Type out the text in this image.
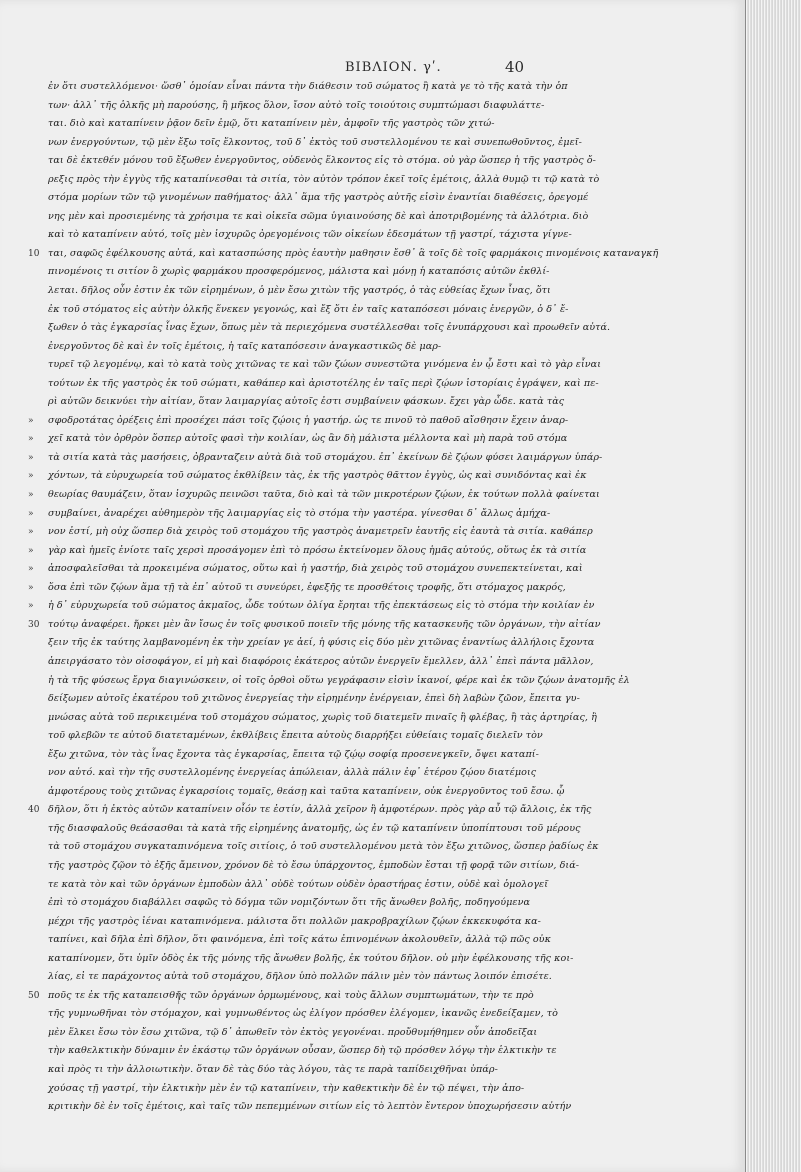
ΒΙΒΛΙΟΝ. γʹ.	40
ἐν ὅτι συστελλόμενοι· ὥσθ᾽ ὁμοίαν εἶναι πάντα τὴν διάθεσιν τοῦ σώματος ἢ κατὰ γε τὸ τῆς κατὰ τὴν ὁπ
των· ἀλλ᾽ τῆς ὁλκῆς μὴ παρούσης, ἢ μῆκος ὅλον, ἴσον αὐτὸ τοῖς τοιούτοις συμπτώμασι διαφυλάττε-
ται. διὸ καὶ καταπίνειν ῥᾷον δεῖν ἐμῷ, ὅτι καταπίνειν μὲν, ἀμφοῖν τῆς γαστρὸς τῶν χιτώ-
νων ἐνεργούντων, τῷ μὲν ἔξω τοῖς ἕλκοντος, τοῦ δ᾽ ἐκτὸς τοῦ συστελλομένου τε καὶ συνεπωθοῦντος, ἐμεῖ-
ται δὲ ἐκτεθέν μόνου τοῦ ἔξωθεν ἐνεργοῦντος, οὐδενὸς ἕλκοντος εἰς τὸ στόμα. οὐ γὰρ ὥσπερ ἡ τῆς γαστρὸς ὄ-
ρεξις πρὸς τὴν ἐγγὺς τῆς καταπίνεσθαι τὰ σιτία, τὸν αὐτὸν τρόπον ἐκεῖ τοῖς ἐμέτοις, ἀλλὰ θυμῷ τι τῷ κατὰ τὸ
στόμα μορίων τῶν τῷ γινομένων παθήματος· ἀλλ᾽ ἅμα τῆς γαστρὸς αὐτῆς εἰσὶν ἐναντίαι διαθέσεις, ὀρεγομέ
νης μὲν καὶ προσιεμένης τὰ χρήσιμα τε καὶ οἰκεῖα σῶμα ὑγιαινούσης δὲ καὶ ἀποτριβομένης τὰ ἀλλότρια. διὸ
καὶ τὸ καταπίνειν αὐτό, τοῖς μὲν ἰσχυρῶς ὀρεγομένοις τῶν οἰκείων ἐδεσμάτων τῇ γαστρί, τάχιστα γίγνε-
10 ται, σαφῶς ἐφέλκουσης αὐτά, καὶ κατασπώσης πρὸς ἑαυτὴν μαθησιν ἔσθ᾽ ἃ τοῖς δὲ τοῖς φαρμάκοις πινομένοις καταναγκῆ
πινομένοις τι σιτίον ὃ χωρὶς φαρμάκου προσφερόμενος, μάλιστα καὶ μόνῃ ἡ καταπόσις αὐτῶν ἐκθλί-
λεται. δῆλος οὖν ἐστιν ἐκ τῶν εἰρημένων, ὁ μὲν ἔσω χιτὼν τῆς γαστρός, ὁ τὰς εὐθείας ἔχων ἶνας, ὅτι
ἐκ τοῦ στόματος εἰς αὐτὴν ὁλκῆς ἕνεκεν γεγονώς, καὶ ἔξ ὅτι ἐν ταῖς καταπόσεσι μόναις ἐνεργῶν, ὁ δ᾽ ἔ-
ξωθεν ὁ τὰς ἐγκαρσίας ἶνας ἔχων, ὅπως μὲν τὰ περιεχόμενα συστέλλεσθαι τοῖς ἐνυπάρχουσι καὶ προωθεῖν αὐτά.
ἐνεργοῦντος δὲ καὶ ἐν τοῖς ἐμέτοις, ἡ ταῖς καταπόσεσιν ἀναγκαστικῶς δὲ μαρ-
τυρεῖ τῷ λεγομένῳ, καὶ τὸ κατὰ τοὺς χιτῶνας τε καὶ τῶν ζώων συνεστῶτα γινόμενα ἐν ᾧ ἔστι καὶ τὸ γὰρ εἶναι
τούτων ἐκ τῆς γαστρὸς ἐκ τοῦ σώματι, καθάπερ καὶ ἀριστοτέλης ἐν ταῖς περὶ ζῴων ἱστορίαις ἐγράψεν, καὶ πε-
ρὶ αὐτῶν δεικνύει τὴν αἰτίαν, ὅταν λαιμαργίας αὐτοῖς ἐστι συμβαίνειν φάσκων. ἔχει γὰρ ὧδε. κατὰ τὰς
»	σφοδροτάτας ὀρέξεις ἐπὶ προσέχει πάσι τοῖς ζῴοις ἡ γαστήρ. ὡς τε πινοῦ τὸ παθοῦ αἴσθησιν ἔχειν ἀναρ-
»	χεῖ κατὰ τὸν ὀρθρὸν ὅσπερ αὐτοῖς φασὶ τὴν κοιλίαν, ὡς ἂν δὴ μάλιστα μέλλοντα καὶ μὴ παρὰ τοῦ στόμα
»	τὰ σιτία κατὰ τὰς μασήσεις, ὀβρανταζειν αὐτὰ διὰ τοῦ στομάχου. ἐπ᾽ ἐκείνων δὲ ζῴων φύσει λαιμάργων ὑπάρ-
»	χόντων, τὰ εὐρυχωρεία τοῦ σώματος ἐκθλίβειν τὰς, ἐκ τῆς γαστρὸς θᾶττον ἐγγὺς, ὡς καὶ συνιδόντας καὶ ἐκ
»	θεωρίας θαυμάζειν, ὅταν ἰσχυρῶς πεινῶσι ταῦτα, διὸ καὶ τὰ τῶν μικροτέρων ζῴων, ἐκ τούτων πολλὰ φαίνεται
»	συμβαίνει, ἀναρέχει αὐθημερὸν τῆς λαιμαργίας εἰς τὸ στόμα τὴν γαστέρα. γίνεσθαι δ᾽ ἄλλως ἀμήχα-
»	νον ἐστί, μὴ οὐχ ὥσπερ διὰ χειρὸς τοῦ στομάχου τῆς γαστρὸς ἀναμετρεῖν ἑαυτῆς εἰς ἑαυτὰ τὰ σιτία. καθάπερ
»	γὰρ καὶ ἡμεῖς ἐνίοτε ταῖς χερσὶ προσάγομεν ἐπὶ τὸ πρόσω ἐκτείνομεν ὅλους ἡμᾶς αὐτούς, οὕτως ἐκ τὰ σιτία
»	ἀποσφαλεῖσθαι τὰ προκειμένα σώματος, οὕτω καὶ ἡ γαστήρ, διὰ χειρὸς τοῦ στομάχου συνεπεκτείνεται, καὶ
»	ὅσα ἐπὶ τῶν ζῴων ἅμα τῇ τὰ ἐπ᾽ αὐτοῦ τι συνεύρει, ἐφεξῆς τε προσθέτοις τροφῆς, ὅτι στόμαχος μακρός,
»	ἡ δ᾽ εὐρυχωρεία τοῦ σώματος ἀκμαῖος, ὧδε τούτων ὀλίγα ἔρηται τῆς ἐπεκτάσεως εἰς τὸ στόμα τὴν κοιλίαν ἐν
30 τούτῳ ἀναφέρει. ἤρκει μὲν ἂν ἴσως ἐν τοῖς φυσικοῦ ποιεῖν τῆς μόνης τῆς κατασκευῆς τῶν ὀργάνων, τὴν αἰτίαν
ξειν τῆς ἐκ ταύτης λαμβανομένη ἐκ τὴν χρείαν γε ἀεί, ἡ φύσις εἰς δύο μὲν χιτῶνας ἐναντίως ἀλλήλοις ἔχοντα
ἀπειργάσατο τὸν οἰσοφάγον, εἰ μὴ καὶ διαφόροις ἐκάτερος αὐτῶν ἐνεργεῖν ἔμελλεν, ἀλλ᾽ ἐπεὶ πάντα μᾶλλον,
ἡ τὰ τῆς φύσεως ἔργα διαγινώσκειν, οἱ τοῖς ὀρθοὶ οὕτω γεγράφασιν εἰσὶν ἱκανοί, φέρε καὶ ἐκ τῶν ζῴων ἀνατομῆς ἐλ
δείξωμεν αὐτοῖς ἐκατέρου τοῦ χιτῶνος ἐνεργείας τὴν εἰρημένην ἐνέργειαν, ἐπεὶ δὴ λαβὼν ζῶον, ἔπειτα γυ-
μνώσας αὐτὰ τοῦ περικειμένα τοῦ στομάχου σώματος, χωρὶς τοῦ διατεμεῖν πιναῖς ἢ φλέβας, ἢ τὰς ἀρτηρίας, ἢ
τοῦ φλεβῶν τε αὐτοῦ διατεταμένων, ἐκθλίβεις ἔπειτα αὐτοὺς διαρρήξει εὐθείαις τομαῖς διελεῖν τὸν
ἔξω χιτῶνα, τὸν τὰς ἶνας ἔχοντα τὰς ἐγκαρσίας, ἔπειτα τῷ ζῴῳ σοφίᾳ προσενεγκεῖν, ὄψει καταπί-
νον αὐτό. καὶ τὴν τῆς συστελλομένης ἐνεργείας ἀπώλειαν, ἀλλὰ πάλιν ἐφ᾽ ἑτέρου ζῴου διατέμοις
ἀμφοτέρους τοὺς χιτῶνας ἐγκαρσίοις τομαῖς, θεάσῃ καὶ ταῦτα καταπίνειν, οὐκ ἐνεργοῦντος τοῦ ἔσω. ᾧ
40 δῆλον, ὅτι ἡ ἐκτὸς αὐτῶν καταπίνειν οἷόν τε ἐστίν, ἀλλὰ χεῖρον ἢ ἀμφοτέρων. πρὸς γὰρ αὖ τῷ ἄλλοις, ἐκ τῆς
τῆς διασφαλοῦς θεάσασθαι τὰ κατὰ τῆς εἰρημένης ἀνατομῆς, ὡς ἐν τῷ καταπίνειν ὑποπίπτουσι τοῦ μέρους
τὰ τοῦ στομάχου συγκαταπινόμενα τοῖς σιτίοις, ὁ τοῦ συστελλομένου μετὰ τὸν ἔξω χιτῶνος, ὥσπερ ῥαδίως ἐκ
τῆς γαστρὸς ζῷον τὸ ἑξῆς ἄμεινον, χρόνον δὲ τὸ ἔσω ὑπάρχοντος, ἐμποδὼν ἔσται τῇ φορᾷ τῶν σιτίων, διά-
τε κατὰ τὸν καὶ τῶν ὀργάνων ἐμποδὼν ἀλλ᾽ οὐδὲ τούτων οὐδὲν ὁραστήρας ἐστιν, οὐδὲ καὶ ὁμολογεῖ
ἐπὶ τὸ στομάχου διαβάλλει σαφῶς τὸ δόγμα τῶν νομιζόντων ὅτι τῆς ἄνωθεν βολῆς, ποδηγούμενα
μέχρι τῆς γαστρὸς ἰέναι καταπινόμενα. μάλιστα ὅτι πολλῶν μακροβραχίλων ζῴων ἐκκεκυφότα κα-
ταπίνει, καὶ δῆλα ἐπὶ δῆλον, ὅτι φαινόμενα, ἐπὶ τοῖς κάτω ἐπινομένων ἀκολουθεῖν, ἀλλὰ τῷ πῶς οὐκ
καταπίνομεν, ὅτι ὑμῖν ὁδὸς ἐκ τῆς μόνης τῆς ἄνωθεν βολῆς, ἐκ τούτου δῆλον. οὐ μὴν ἐφέλκουσης τῆς κοι-
λίας, εἰ τε παράχοντος αὐτὰ τοῦ στομάχου, δῆλον ὑπὸ πολλῶν πάλιν μὲν τὸν πάντως λοιπόν ἐπισέτε.
50 ποῦς τε ἐκ τῆς καταπεισθῆς τῶν ὀργάνων ὁρμωμένους, καὶ τοὺς ἄλλων συμπτωμάτων, τὴν τε πρὸ
τῆς γυμνωθῆναι τὸν στόμαχον, καὶ γυμνωθέντος ὡς ἐλίγον πρόσθεν ἐλέγομεν, ἱκανῶς ἐνεδείξαμεν, τὸ
μὲν ἕλκει ἔσω τὸν ἔσω χιτῶνα, τῷ δ᾽ ἀπωθεῖν τὸν ἐκτὸς γεγονέναι. προὔθυμήθημεν οὖν ἀποδεῖξαι
τὴν καθελκτικὴν δύναμιν ἐν ἑκάστῳ τῶν ὀργάνων οὖσαν, ὥσπερ δὴ τῷ πρόσθεν λόγῳ τὴν ἑλκτικὴν τε
καὶ πρὸς τι τὴν ἀλλοιωτικὴν. ὅταν δὲ τὰς δύο τὰς λόγου, τὰς τε παρὰ ταπίδειχθῆναι ὑπάρ-
χούσας τῇ γαστρί, τὴν ἑλκτικὴν μὲν ἐν τῷ καταπίνειν, τὴν καθεκτικὴν δὲ ἐν τῷ πέψει, τὴν ἀπο-
κριτικὴν δὲ ἐν τοῖς ἐμέτοις, καὶ ταῖς τῶν πεπεμμένων σιτίων εἰς τὸ λεπτὸν ἔντερον ὑποχωρήσεσιν αὐτήν
